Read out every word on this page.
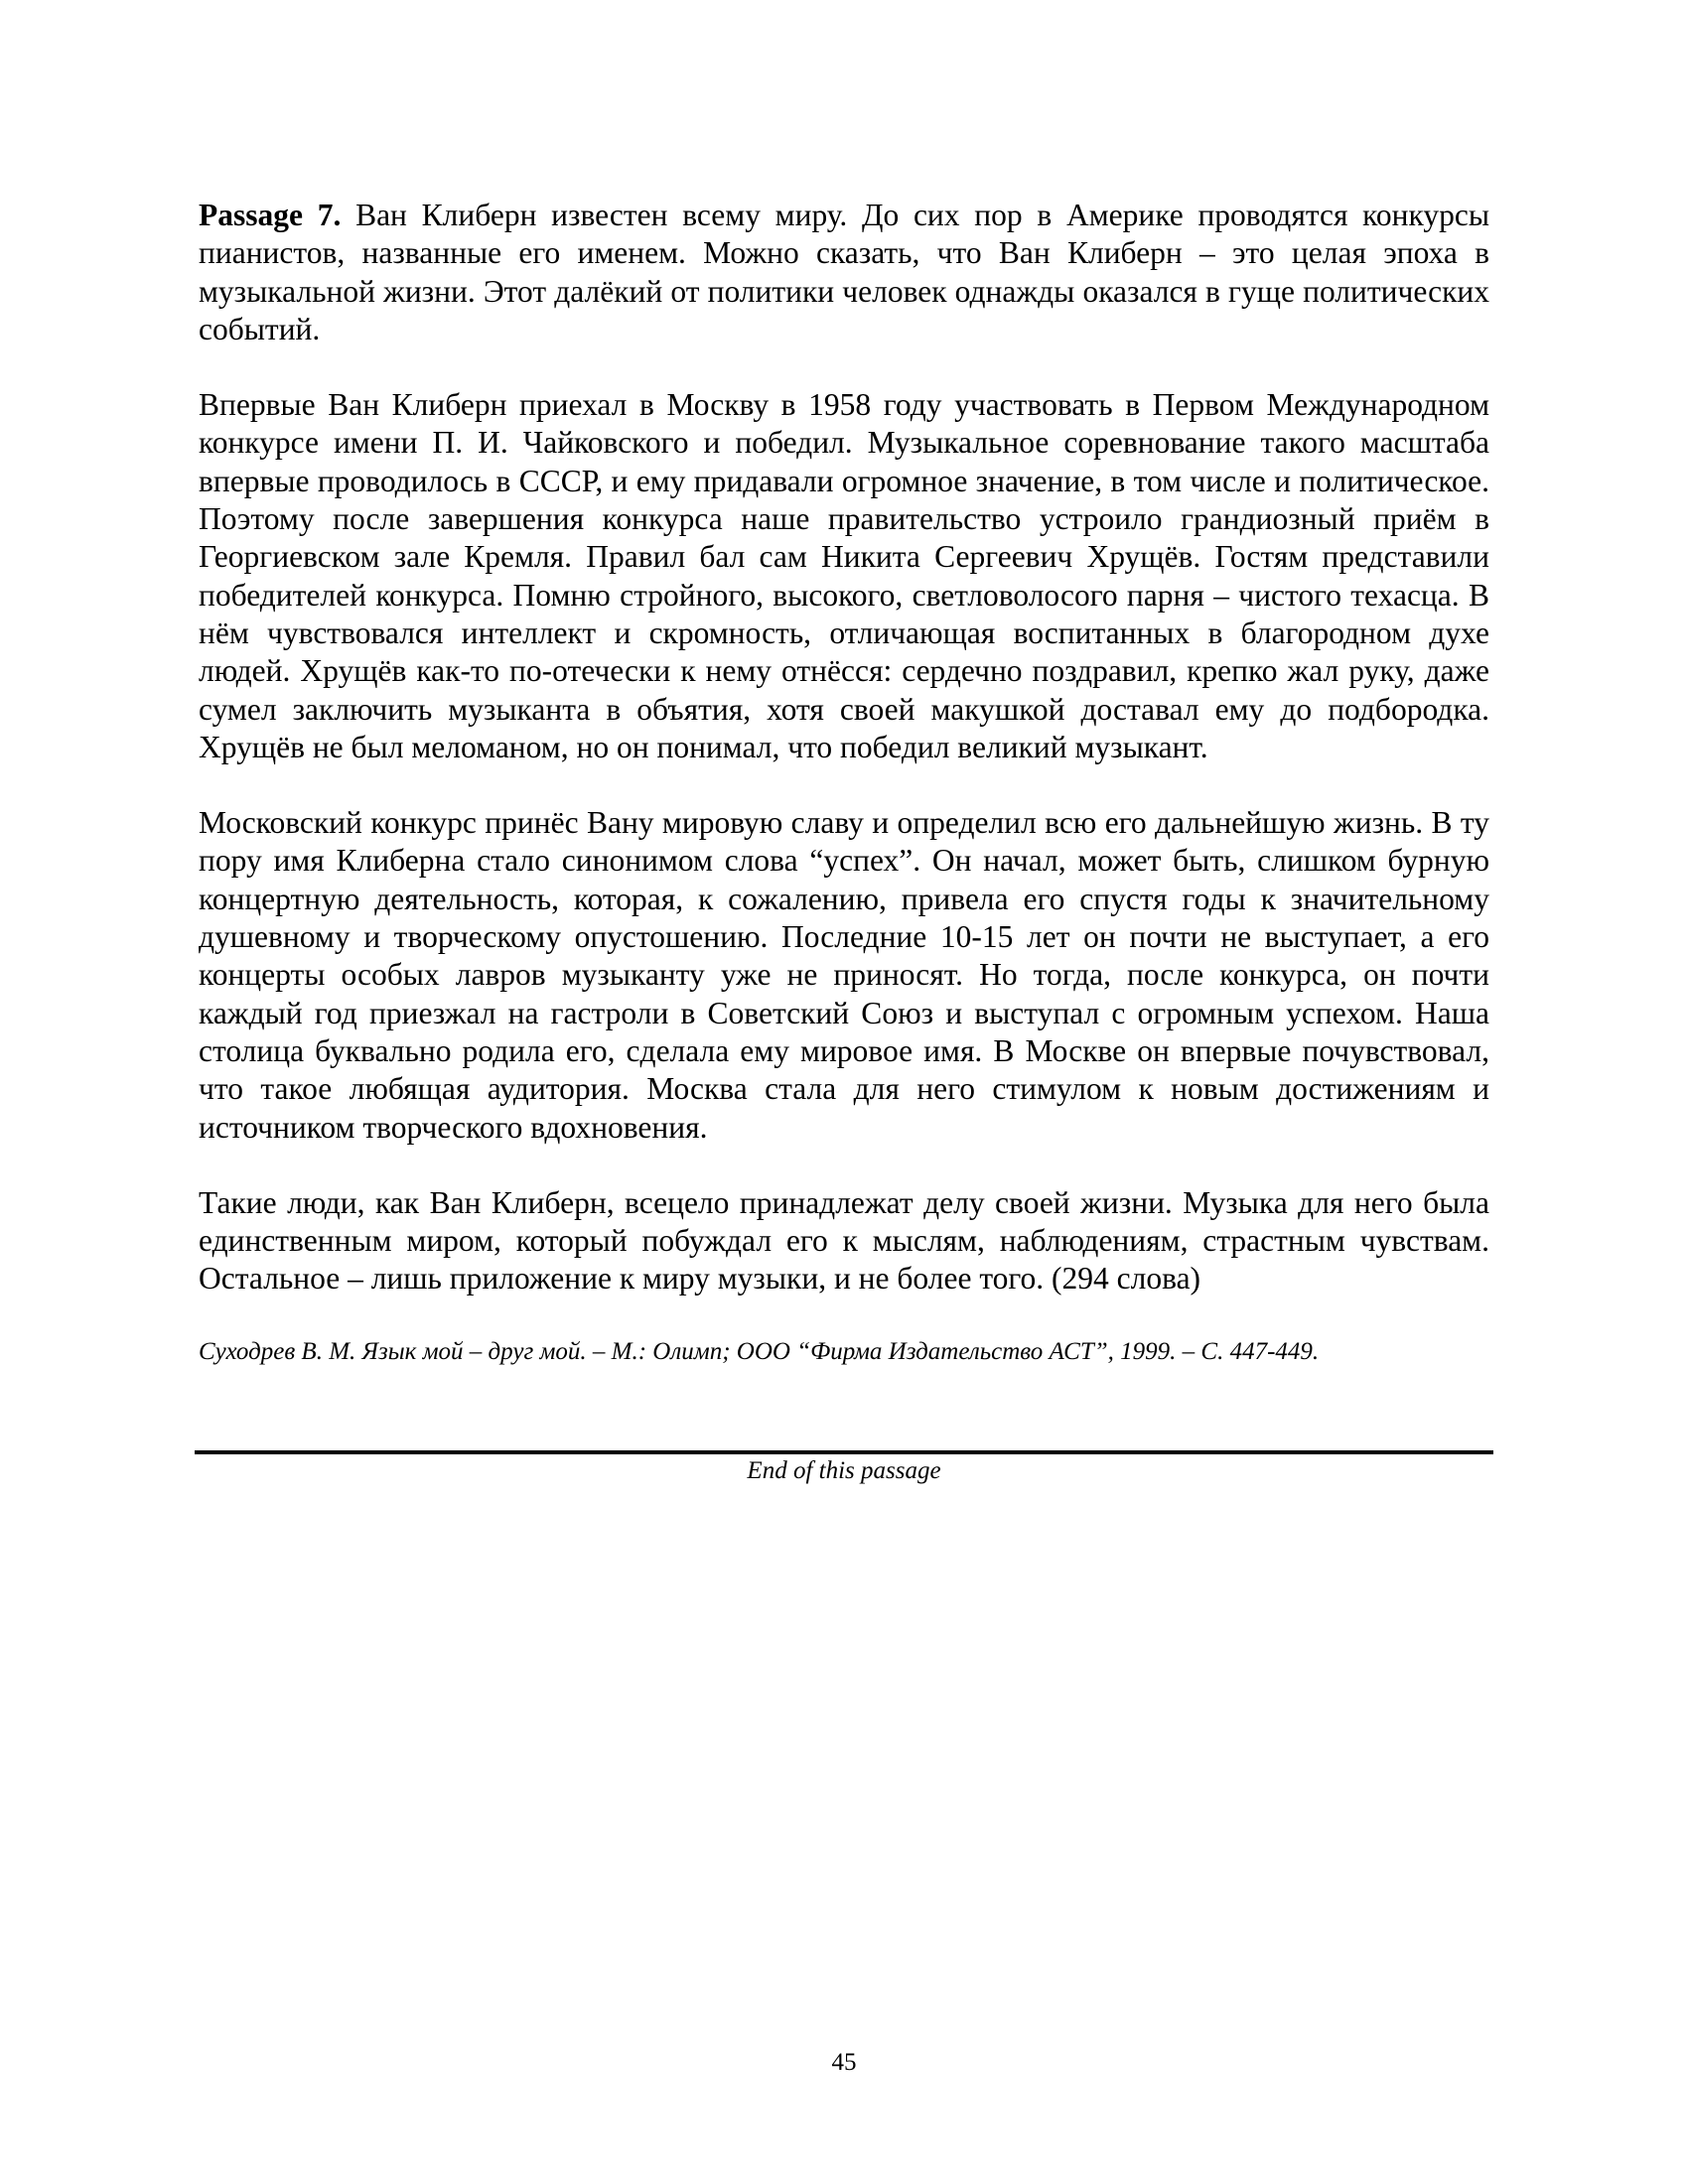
Passage 7. Ван Клиберн известен всему миру. До сих пор в Америке проводятся конкурсы пианистов, названные его именем. Можно сказать, что Ван Клиберн – это целая эпоха в музыкальной жизни. Этот далёкий от политики человек однажды оказался в гуще политических событий.

Впервые Ван Клиберн приехал в Москву в 1958 году участвовать в Первом Международном конкурсе имени П. И. Чайковского и победил. Музыкальное соревнование такого масштаба впервые проводилось в СССР, и ему придавали огромное значение, в том числе и политическое. Поэтому после завершения конкурса наше правительство устроило грандиозный приём в Георгиевском зале Кремля. Правил бал сам Никита Сергеевич Хрущёв. Гостям представили победителей конкурса. Помню стройного, высокого, светловолосого парня – чистого техасца. В нём чувствовался интеллект и скромность, отличающая воспитанных в благородном духе людей. Хрущёв как-то по-отечески к нему отнёсся: сердечно поздравил, крепко жал руку, даже сумел заключить музыканта в объятия, хотя своей макушкой доставал ему до подбородка. Хрущёв не был меломаном, но он понимал, что победил великий музыкант.

Московский конкурс принёс Вану мировую славу и определил всю его дальнейшую жизнь. В ту пору имя Клиберна стало синонимом слова “успех”. Он начал, может быть, слишком бурную концертную деятельность, которая, к сожалению, привела его спустя годы к значительному душевному и творческому опустошению. Последние 10-15 лет он почти не выступает, а его концерты особых лавров музыканту уже не приносят. Но тогда, после конкурса, он почти каждый год приезжал на гастроли в Советский Союз и выступал с огромным успехом. Наша столица буквально родила его, сделала ему мировое имя. В Москве он впервые почувствовал, что такое любящая аудитория. Москва стала для него стимулом к новым достижениям и источником творческого вдохновения.

Такие люди, как Ван Клиберн, всецело принадлежат делу своей жизни. Музыка для него была единственным миром, который побуждал его к мыслям, наблюдениям, страстным чувствам. Остальное – лишь приложение к миру музыки, и не более того. (294 слова)

Суходрев В. М. Язык мой – друг мой. – М.: Олимп; ООО “Фирма Издательство АСТ”, 1999. – С. 447-449.

End of this passage
45
